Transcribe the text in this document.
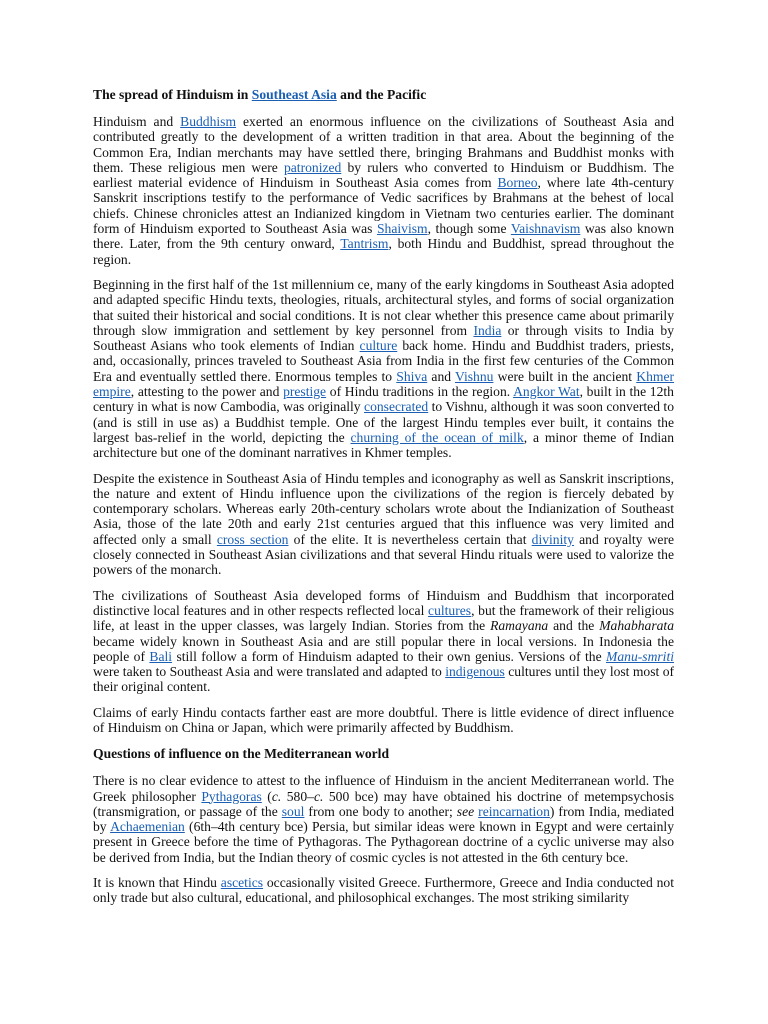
The spread of Hinduism in Southeast Asia and the Pacific

Hinduism and Buddhism exerted an enormous influence on the civilizations of Southeast Asia and contributed greatly to the development of a written tradition in that area. About the beginning of the Common Era, Indian merchants may have settled there, bringing Brahmans and Buddhist monks with them. These religious men were patronized by rulers who converted to Hinduism or Buddhism. The earliest material evidence of Hinduism in Southeast Asia comes from Borneo, where late 4th-century Sanskrit inscriptions testify to the performance of Vedic sacrifices by Brahmans at the behest of local chiefs. Chinese chronicles attest an Indianized kingdom in Vietnam two centuries earlier. The dominant form of Hinduism exported to Southeast Asia was Shaivism, though some Vaishnavism was also known there. Later, from the 9th century onward, Tantrism, both Hindu and Buddhist, spread throughout the region.

Beginning in the first half of the 1st millennium ce, many of the early kingdoms in Southeast Asia adopted and adapted specific Hindu texts, theologies, rituals, architectural styles, and forms of social organization that suited their historical and social conditions. It is not clear whether this presence came about primarily through slow immigration and settlement by key personnel from India or through visits to India by Southeast Asians who took elements of Indian culture back home. Hindu and Buddhist traders, priests, and, occasionally, princes traveled to Southeast Asia from India in the first few centuries of the Common Era and eventually settled there. Enormous temples to Shiva and Vishnu were built in the ancient Khmer empire, attesting to the power and prestige of Hindu traditions in the region. Angkor Wat, built in the 12th century in what is now Cambodia, was originally consecrated to Vishnu, although it was soon converted to (and is still in use as) a Buddhist temple. One of the largest Hindu temples ever built, it contains the largest bas-relief in the world, depicting the churning of the ocean of milk, a minor theme of Indian architecture but one of the dominant narratives in Khmer temples.

Despite the existence in Southeast Asia of Hindu temples and iconography as well as Sanskrit inscriptions, the nature and extent of Hindu influence upon the civilizations of the region is fiercely debated by contemporary scholars. Whereas early 20th-century scholars wrote about the Indianization of Southeast Asia, those of the late 20th and early 21st centuries argued that this influence was very limited and affected only a small cross section of the elite. It is nevertheless certain that divinity and royalty were closely connected in Southeast Asian civilizations and that several Hindu rituals were used to valorize the powers of the monarch.

The civilizations of Southeast Asia developed forms of Hinduism and Buddhism that incorporated distinctive local features and in other respects reflected local cultures, but the framework of their religious life, at least in the upper classes, was largely Indian. Stories from the Ramayana and the Mahabharata became widely known in Southeast Asia and are still popular there in local versions. In Indonesia the people of Bali still follow a form of Hinduism adapted to their own genius. Versions of the Manu-smriti were taken to Southeast Asia and were translated and adapted to indigenous cultures until they lost most of their original content.

Claims of early Hindu contacts farther east are more doubtful. There is little evidence of direct influence of Hinduism on China or Japan, which were primarily affected by Buddhism.

Questions of influence on the Mediterranean world

There is no clear evidence to attest to the influence of Hinduism in the ancient Mediterranean world. The Greek philosopher Pythagoras (c. 580–c. 500 bce) may have obtained his doctrine of metempsychosis (transmigration, or passage of the soul from one body to another; see reincarnation) from India, mediated by Achaemenian (6th–4th century bce) Persia, but similar ideas were known in Egypt and were certainly present in Greece before the time of Pythagoras. The Pythagorean doctrine of a cyclic universe may also be derived from India, but the Indian theory of cosmic cycles is not attested in the 6th century bce.

It is known that Hindu ascetics occasionally visited Greece. Furthermore, Greece and India conducted not only trade but also cultural, educational, and philosophical exchanges. The most striking similarity
